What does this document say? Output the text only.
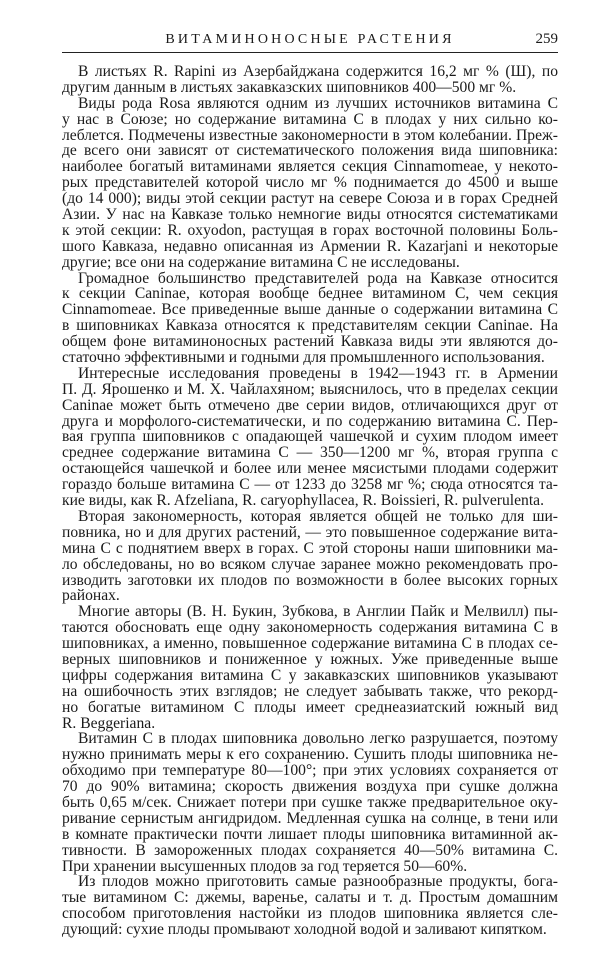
ВИТАМИНОНОСНЫЕ РАСТЕНИЯ	259
В листьях R. Rapini из Азербайджана содержится 16,2 мг % (Ш), по
другим данным в листьях закавказских шиповников 400—500 мг %.
Виды рода Rosa являются одним из лучших источников витамина С
у нас в Союзе; но содержание витамина С в плодах у них сильно ко-
леблется. Подмечены известные закономерности в этом колебании. Преж-
де всего они зависят от систематического положения вида шиповника:
наиболее богатый витаминами является секция Cinnamomeae, у некото-
рых представителей которой число мг % поднимается до 4500 и выше
(до 14 000); виды этой секции растут на севере Союза и в горах Средней
Азии. У нас на Кавказе только немногие виды относятся систематиками
к этой секции: R. oxyodon, растущая в горах восточной половины Боль-
шого Кавказа, недавно описанная из Армении R. Kazarjani и некоторые
другие; все они на содержание витамина С не исследованы.
Громадное большинство представителей рода на Кавказе относится
к секции Caninae, которая вообще беднее витамином С, чем секция
Cinnamomeae. Все приведенные выше данные о содержании витамина С
в шиповниках Кавказа относятся к представителям секции Caninae. На
общем фоне витаминоносных растений Кавказа виды эти являются до-
статочно эффективными и годными для промышленного использования.
Интересные исследования проведены в 1942—1943 гг. в Армении
П. Д. Ярошенко и М. Х. Чайлахяном; выяснилось, что в пределах секции
Caninae может быть отмечено две серии видов, отличающихся друг от
друга и морфолого-систематически, и по содержанию витамина С. Пер-
вая группа шиповников с опадающей чашечкой и сухим плодом имеет
среднее содержание витамина С — 350—1200 мг %, вторая группа с
остающейся чашечкой и более или менее мясистыми плодами содержит
гораздо больше витамина С — от 1233 до 3258 мг %; сюда относятся та-
кие виды, как R. Afzeliana, R. caryophyllacea, R. Boissieri, R. pulverulenta.
Вторая закономерность, которая является общей не только для ши-
повника, но и для других растений, — это повышенное содержание вита-
мина С с поднятием вверх в горах. С этой стороны наши шиповники ма-
ло обследованы, но во всяком случае заранее можно рекомендовать про-
изводить заготовки их плодов по возможности в более высоких горных
районах.
Многие авторы (В. Н. Букин, Зубкова, в Англии Пайк и Мелвилл) пы-
таются обосновать еще одну закономерность содержания витамина С в
шиповниках, а именно, повышенное содержание витамина С в плодах се-
верных шиповников и пониженное у южных. Уже приведенные выше
цифры содержания витамина С у закавказских шиповников указывают
на ошибочность этих взглядов; не следует забывать также, что рекорд-
но богатые витамином С плоды имеет среднеазиатский южный вид
R. Beggeriana.
Витамин С в плодах шиповника довольно легко разрушается, поэтому
нужно принимать меры к его сохранению. Сушить плоды шиповника не-
обходимо при температуре 80—100°; при этих условиях сохраняется от
70 до 90% витамина; скорость движения воздуха при сушке должна
быть 0,65 м/сек. Снижает потери при сушке также предварительное оку-
ривание сернистым ангидридом. Медленная сушка на солнце, в тени или
в комнате практически почти лишает плоды шиповника витаминной ак-
тивности. В замороженных плодах сохраняется 40—50% витамина С.
При хранении высушенных плодов за год теряется 50—60%.
Из плодов можно приготовить самые разнообразные продукты, бога-
тые витамином С: джемы, варенье, салаты и т. д. Простым домашним
способом приготовления настойки из плодов шиповника является сле-
дующий: сухие плоды промывают холодной водой и заливают кипятком.
